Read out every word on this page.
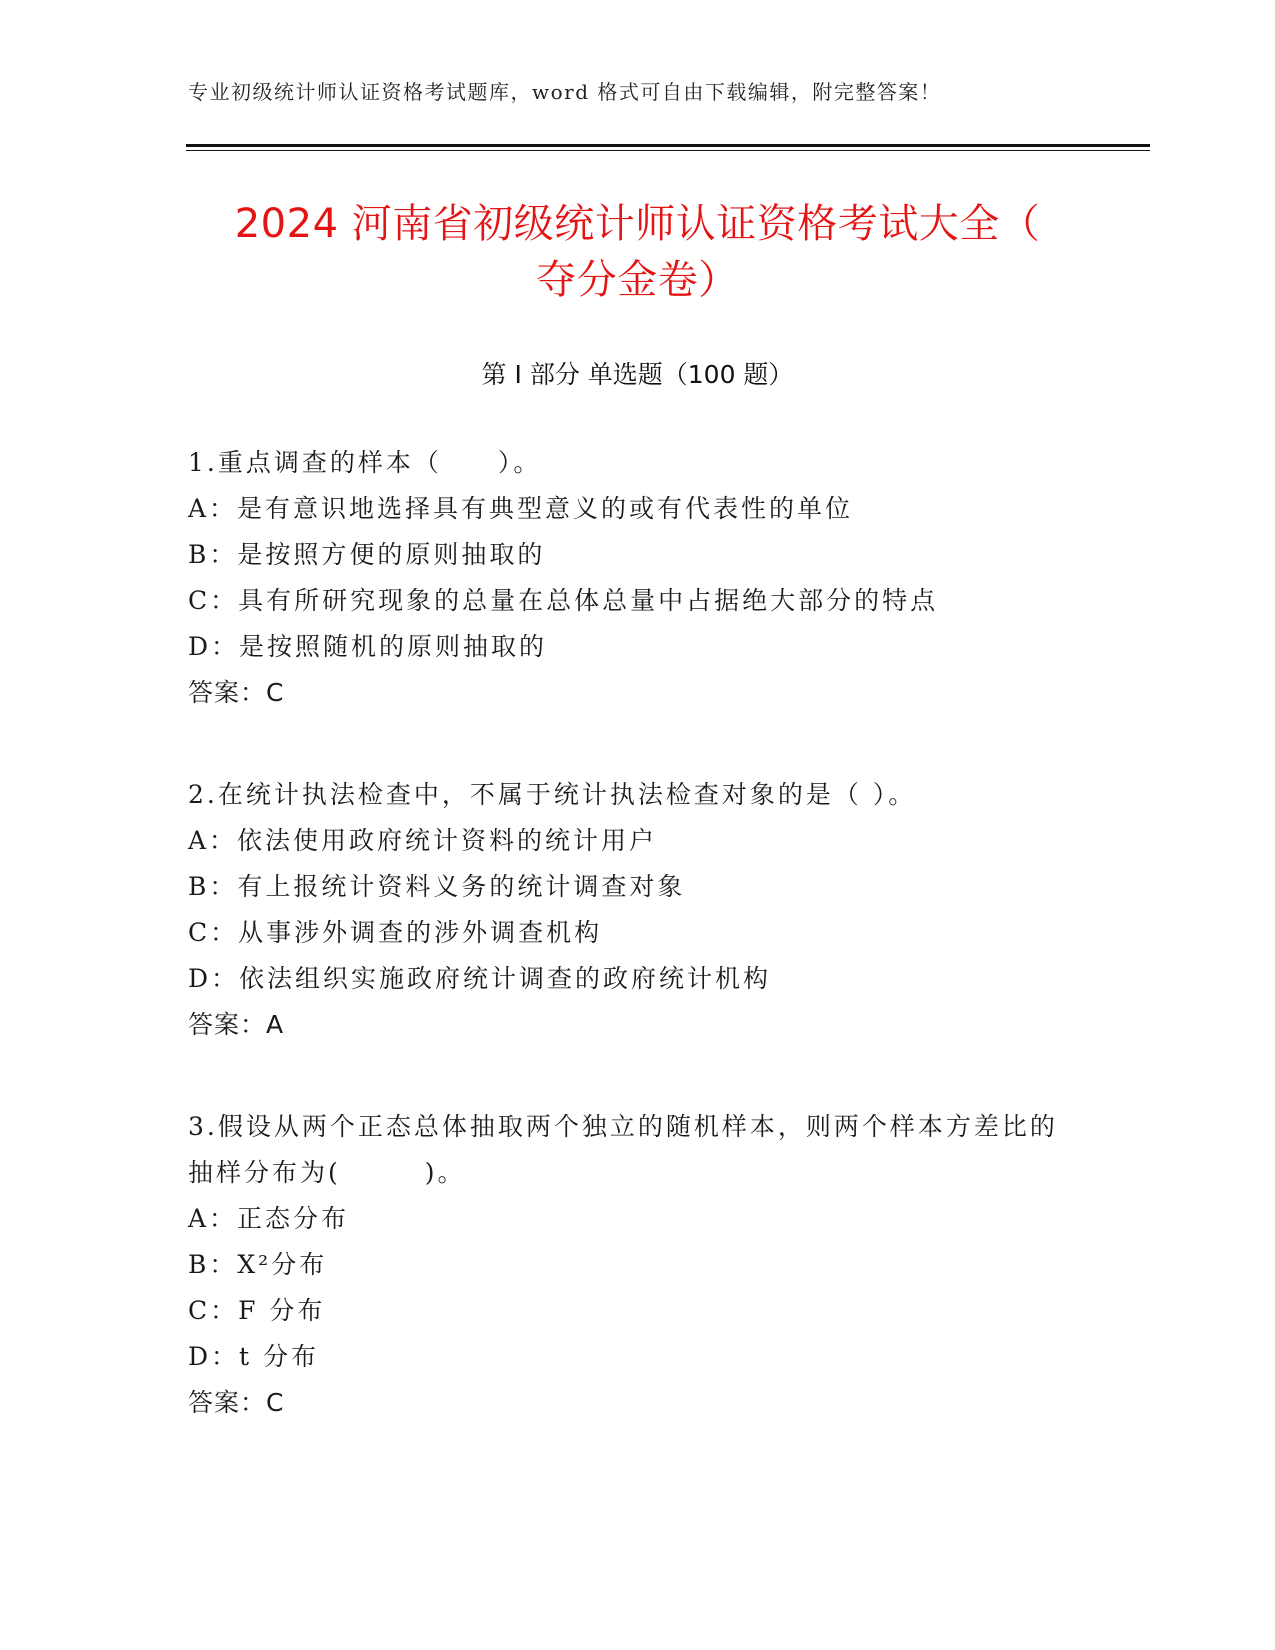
专业初级统计师认证资格考试题库，word 格式可自由下载编辑，附完整答案！
2024 河南省初级统计师认证资格考试大全（
夺分金卷）
第 I 部分 单选题（100 题）
1.重点调查的样本（　　）。
A：是有意识地选择具有典型意义的或有代表性的单位
B：是按照方便的原则抽取的
C：具有所研究现象的总量在总体总量中占据绝大部分的特点
D：是按照随机的原则抽取的
答案：C
2.在统计执法检查中，不属于统计执法检查对象的是（ ）。
A：依法使用政府统计资料的统计用户
B：有上报统计资料义务的统计调查对象
C：从事涉外调查的涉外调查机构
D：依法组织实施政府统计调查的政府统计机构
答案：A
3.假设从两个正态总体抽取两个独立的随机样本，则两个样本方差比的抽样分布为(　　　)。
A：正态分布
B：X²分布
C：F 分布
D：t 分布
答案：C
